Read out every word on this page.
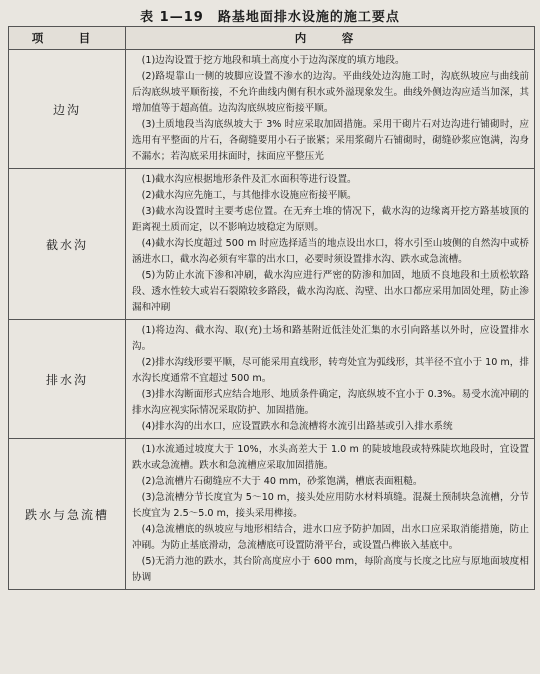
表 1—19　路基地面排水设施的施工要点
项　目	内　容
边沟	(1)边沟设置于挖方地段和填土高度小于边沟深度的填方地段。

(2)路堤靠山一侧的坡脚应设置不渗水的边沟。平曲线处边沟施工时，沟底纵坡应与曲线前后沟底纵坡平顺衔接，不允许曲线内侧有积水或外溢现象发生。曲线外侧边沟应适当加深，其增加值等于超高值。边沟沟底纵坡应衔接平顺。

(3)土质地段当沟底纵坡大于 3% 时应采取加固措施。采用干砌片石对边沟进行铺砌时，应选用有平整面的片石，各砌缝要用小石子嵌紧；采用浆砌片石铺砌时，砌缝砂浆应饱满，沟身不漏水；若沟底采用抹面时，抹面应平整压光

截水沟	(1)截水沟应根据地形条件及汇水面积等进行设置。

(2)截水沟应先施工，与其他排水设施应衔接平顺。

(3)截水沟设置时主要考虑位置。在无弃土堆的情况下，截水沟的边缘离开挖方路基坡顶的距离视土质而定，以不影响边坡稳定为原则。

(4)截水沟长度超过 500 m 时应选择适当的地点设出水口，将水引至山坡侧的自然沟中或桥涵进水口，截水沟必须有牢靠的出水口，必要时须设置排水沟、跌水或急流槽。

(5)为防止水流下渗和冲刷，截水沟应进行严密的防渗和加固，地质不良地段和土质松软路段、透水性较大或岩石裂隙较多路段，截水沟沟底、沟壁、出水口都应采用加固处理，防止渗漏和冲刷

排水沟	(1)将边沟、截水沟、取(充)土场和路基附近低洼处汇集的水引向路基以外时，应设置排水沟。

(2)排水沟线形要平顺，尽可能采用直线形，转弯处宜为弧线形，其半径不宜小于 10 m，排水沟长度通常不宜超过 500 m。

(3)排水沟断面形式应结合地形、地质条件确定，沟底纵坡不宜小于 0.3%。易受水流冲刷的排水沟应视实际情况采取防护、加固措施。

(4)排水沟的出水口，应设置跌水和急流槽将水流引出路基或引入排水系统

跌水与急流槽	(1)水流通过坡度大于 10%，水头高差大于 1.0 m 的陡坡地段或特殊陡坎地段时，宜设置跌水或急流槽。跌水和急流槽应采取加固措施。

(2)急流槽片石砌缝应不大于 40 mm，砂浆饱满，槽底表面粗糙。

(3)急流槽分节长度宜为 5～10 m，接头处应用防水材料填缝。混凝土预制块急流槽，分节长度宜为 2.5～5.0 m，接头采用榫接。

(4)急流槽底的纵坡应与地形相结合，进水口应予防护加固，出水口应采取消能措施，防止冲刷。为防止基底滑动，急流槽底可设置防滑平台，或设置凸榫嵌入基底中。

(5)无消力池的跌水，其台阶高度应小于 600 mm，每阶高度与长度之比应与原地面坡度相协调
